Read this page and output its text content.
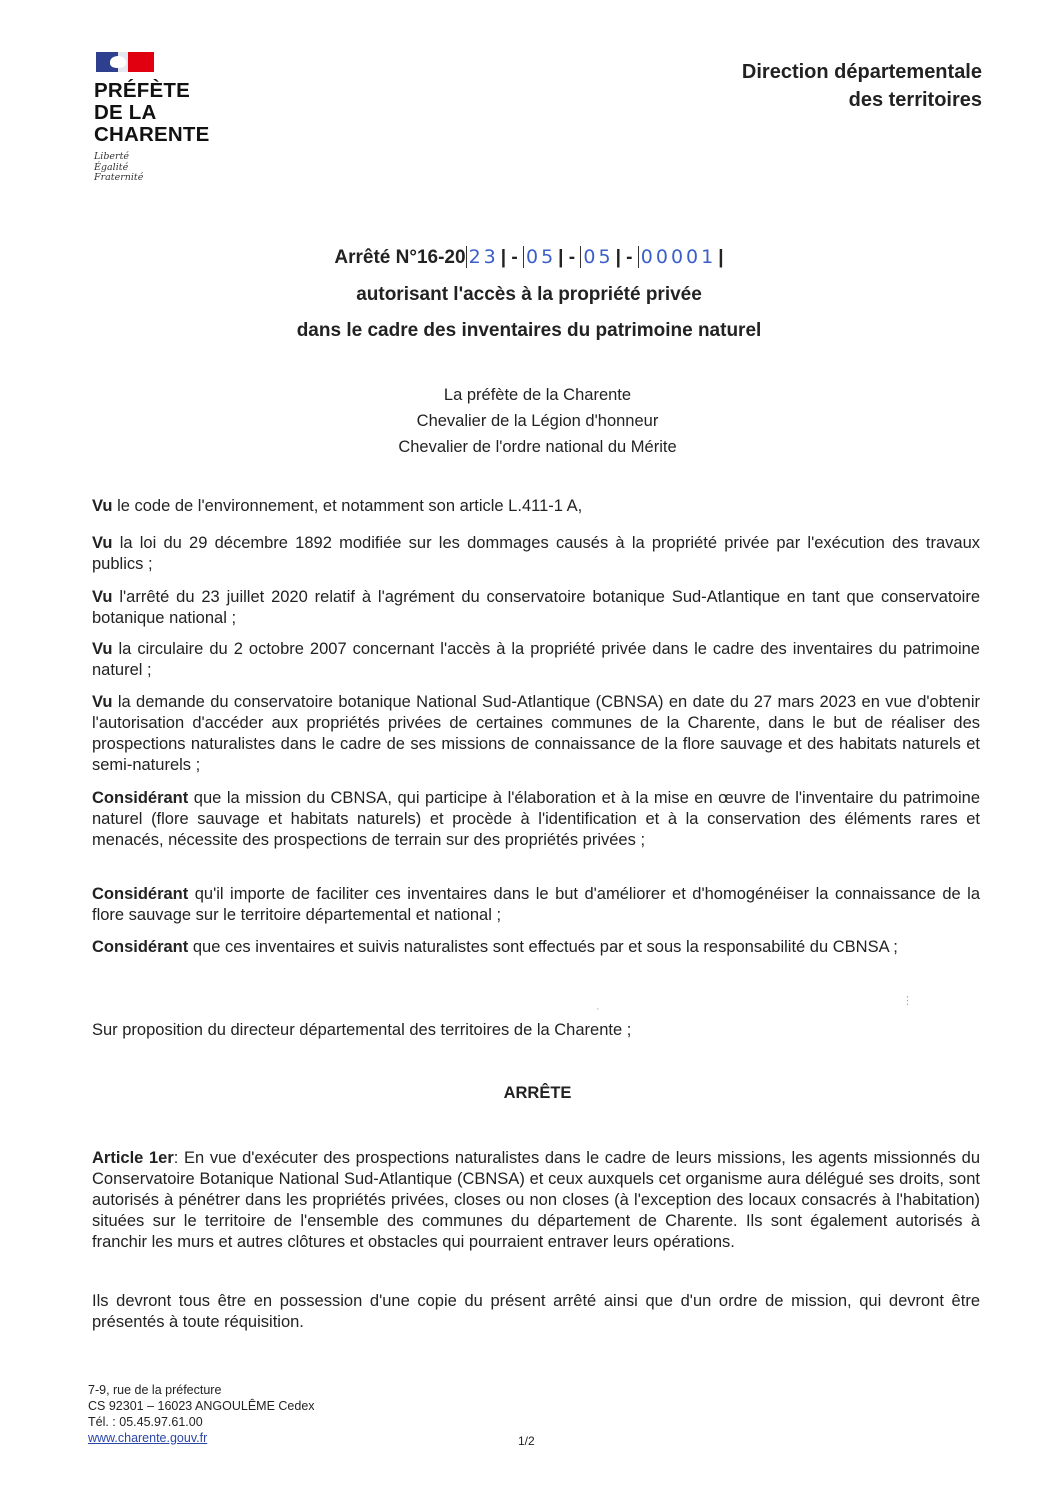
PRÉFÈTE
DE LA
CHARENTE
Liberté
Égalité
Fraternité
Direction départementale
des territoires
Arrêté N°16-20 23 | - 05 | - 05 | - 00001 |
autorisant l'accès à la propriété privée
dans le cadre des inventaires du patrimoine naturel
La préfète de la Charente
Chevalier de la Légion d'honneur
Chevalier de l'ordre national du Mérite
Vu le code de l'environnement, et notamment son article L.411-1 A,
Vu la loi du 29 décembre 1892 modifiée sur les dommages causés à la propriété privée par l'exécution des travaux publics ;
Vu l'arrêté du 23 juillet 2020 relatif à l'agrément du conservatoire botanique Sud-Atlantique en tant que conservatoire botanique national ;
Vu la circulaire du 2 octobre 2007 concernant l'accès à la propriété privée dans le cadre des inventaires du patrimoine naturel ;
Vu la demande du conservatoire botanique National Sud-Atlantique (CBNSA) en date du 27 mars 2023 en vue d'obtenir l'autorisation d'accéder aux propriétés privées de certaines communes de la Charente, dans le but de réaliser des prospections naturalistes dans le cadre de ses missions de connaissance de la flore sauvage et des habitats naturels et semi-naturels ;
Considérant que la mission du CBNSA, qui participe à l'élaboration et à la mise en œuvre de l'inventaire du patrimoine naturel (flore sauvage et habitats naturels) et procède à l'identification et à la conservation des éléments rares et menacés, nécessite des prospections de terrain sur des propriétés privées ;
Considérant qu'il importe de faciliter ces inventaires dans le but d'améliorer et d'homogénéiser la connaissance de la flore sauvage sur le territoire départemental et national ;
Considérant que ces inventaires et suivis naturalistes sont effectués par et sous la responsabilité du CBNSA ;
Sur proposition du directeur départemental des territoires de la Charente ;
Article 1er: En vue d'exécuter des prospections naturalistes dans le cadre de leurs missions, les agents missionnés du Conservatoire Botanique National Sud-Atlantique (CBNSA) et ceux auxquels cet organisme aura délégué ses droits, sont autorisés à pénétrer dans les propriétés privées, closes ou non closes (à l'exception des locaux consacrés à l'habitation) situées sur le territoire de l'ensemble des communes du département de Charente. Ils sont également autorisés à franchir les murs et autres clôtures et obstacles qui pourraient entraver leurs opérations.
Ils devront tous être en possession d'une copie du présent arrêté ainsi que d'un ordre de mission, qui devront être présentés à toute réquisition.
ARRÊTE
7-9, rue de la préfecture
CS 92301 – 16023 ANGOULÊME Cedex
Tél. : 05.45.97.61.00
www.charente.gouv.fr	1/2
⋮
·
